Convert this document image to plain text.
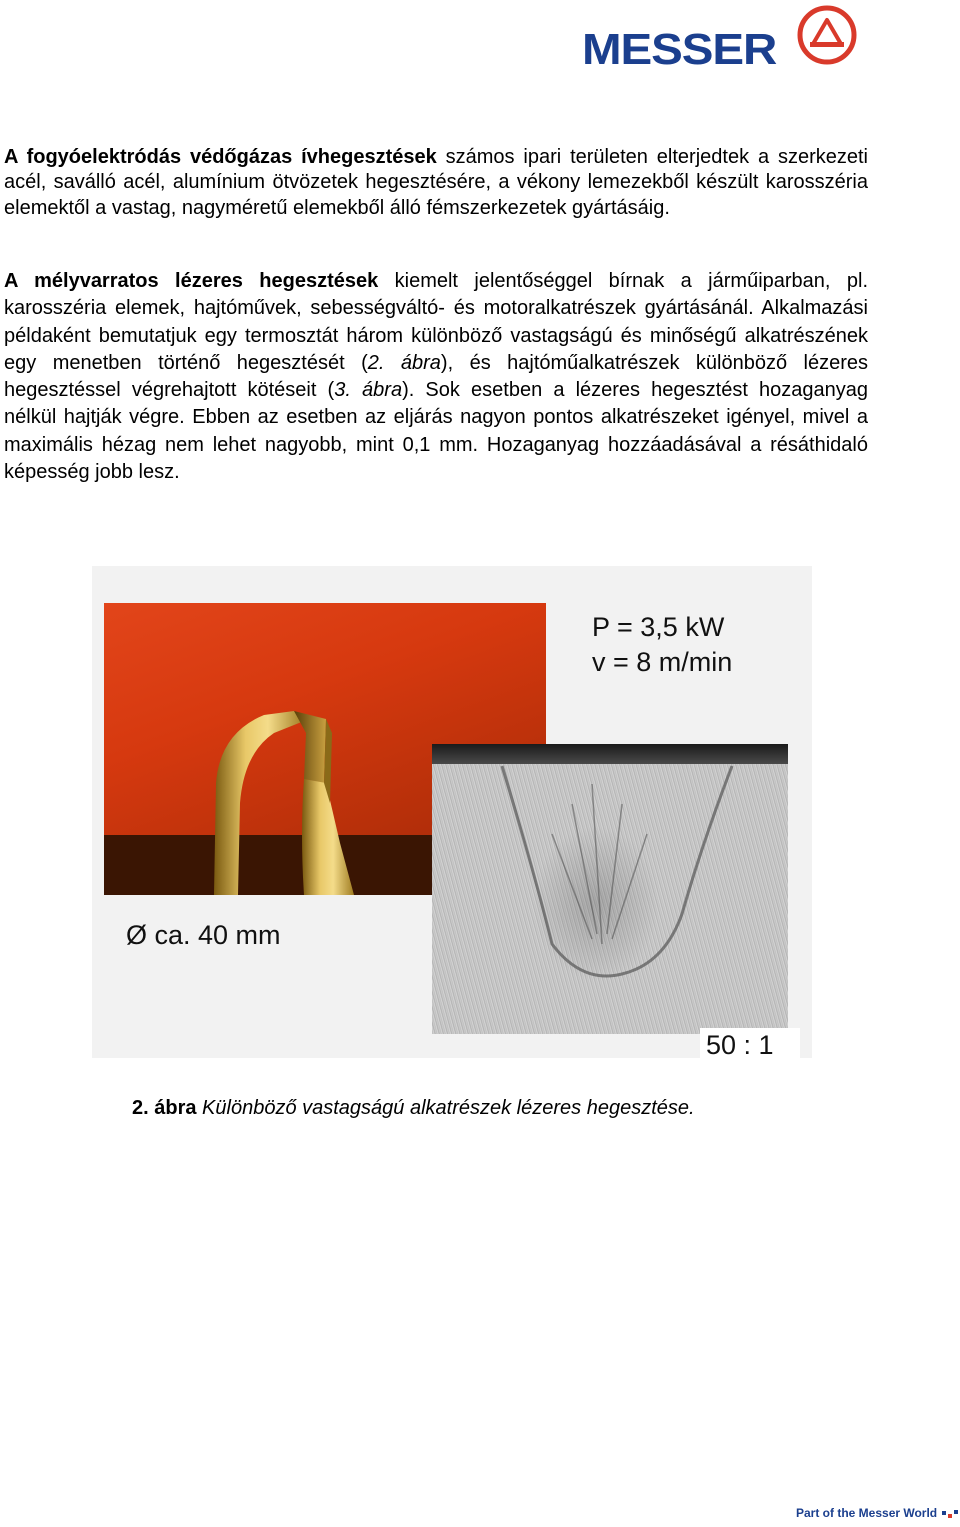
MESSER
A fogyóelektródás védőgázas ívhegesztések számos ipari területen elterjedtek a szerkezeti acél, saválló acél, alumínium ötvözetek hegesztésére, a vékony lemezekből készült karosszéria elemektől a vastag, nagyméretű elemekből álló fémszerkezetek gyártásáig.
A mélyvarratos lézeres hegesztések kiemelt jelentőséggel bírnak a járműiparban, pl. karosszéria elemek, hajtóművek, sebességváltó- és motoralkatrészek gyártásánál. Alkalmazási példaként bemutatjuk egy termosztát három különböző vastagságú és minőségű alkatrészének egy menetben történő hegesztését (2. ábra), és hajtóműalkatrészek különböző lézeres hegesztéssel végrehajtott kötéseit (3. ábra). Sok esetben a lézeres hegesztést hozaganyag nélkül hajtják végre. Ebben az esetben az eljárás nagyon pontos alkatrészeket igényel, mivel a maximális hézag nem lehet nagyobb, mint 0,1 mm. Hozaganyag hozzáadásával a résáthidaló képesség jobb lesz.
P = 3,5 kW
v = 8 m/min
Ø ca. 40 mm
50 : 1
2. ábra Különböző vastagságú alkatrészek lézeres hegesztése.
Part of the Messer World
